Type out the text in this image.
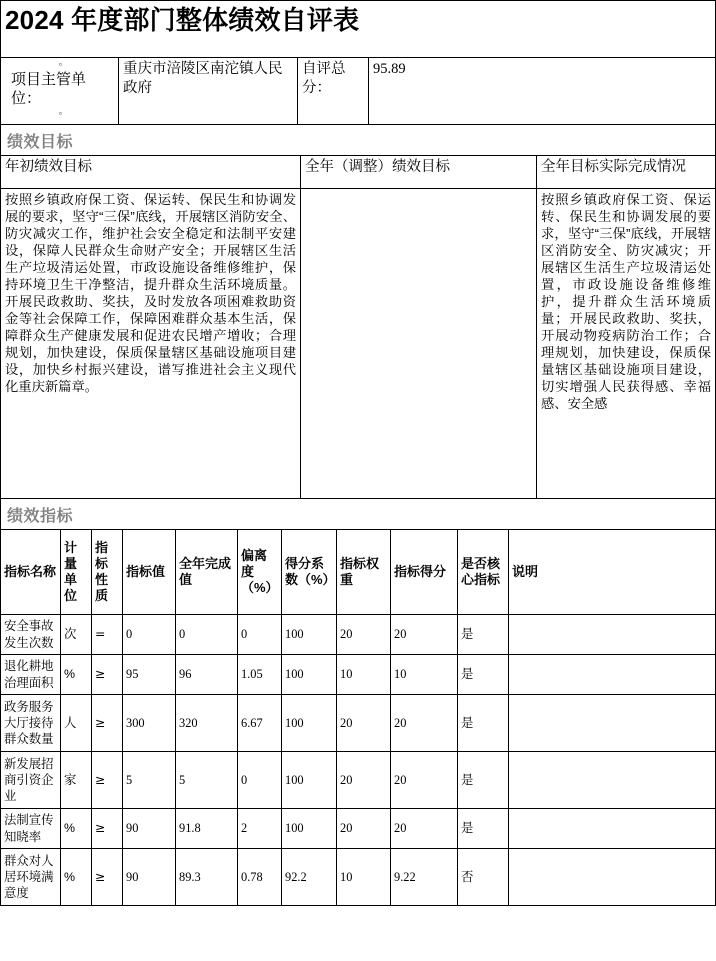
2024 年度部门整体绩效自评表
▫
项目主管单位：
▫
	重庆市涪陵区南沱镇人民政府	自评总分：	95.89
绩效目标
年初绩效目标	全年（调整）绩效目标	全年目标实际完成情况

按照乡镇政府保工资、保运转、保民生和协调发展的要求，坚守“三保”底线，开展辖区消防安全、防灾减灾工作，维护社会安全稳定和法制平安建设，保障人民群众生命财产安全；开展辖区生活生产垃圾清运处置，市政设施设备维修维护，保持环境卫生干净整洁，提升群众生活环境质量。开展民政救助、奖扶，及时发放各项困难救助资金等社会保障工作，保障困难群众基本生活，保障群众生产健康发展和促进农民增产增收；合理规划，加快建设，保质保量辖区基础设施项目建设，加快乡村振兴建设，谱写推进社会主义现代化重庆新篇章。		按照乡镇政府保工资、保运转、保民生和协调发展的要求，坚守“三保”底线，开展辖区消防安全、防灾减灾；开展辖区生活生产垃圾清运处置，市政设施设备维修维护，提升群众生活环境质量；开展民政救助、奖扶，开展动物疫病防治工作；合理规划，加快建设，保质保量辖区基础设施项目建设，切实增强人民获得感、幸福感、安全感
绩效指标
指标名称	计量单位	指标性质	指标值	全年完成值	偏离度（%）	得分系数（%）	指标权重	指标得分	是否核心指标	说明
安全事故发生次数	次	=	0	0	0	100	20	20	是	
退化耕地治理面积	%	≥	95	96	1.05	100	10	10	是	
政务服务大厅接待群众数量	人	≥	300	320	6.67	100	20	20	是	
新发展招商引资企业	家	≥	5	5	0	100	20	20	是	
法制宣传知晓率	%	≥	90	91.8	2	100	20	20	是	
群众对人居环境满意度	%	≥	90	89.3	0.78	92.2	10	9.22	否	
